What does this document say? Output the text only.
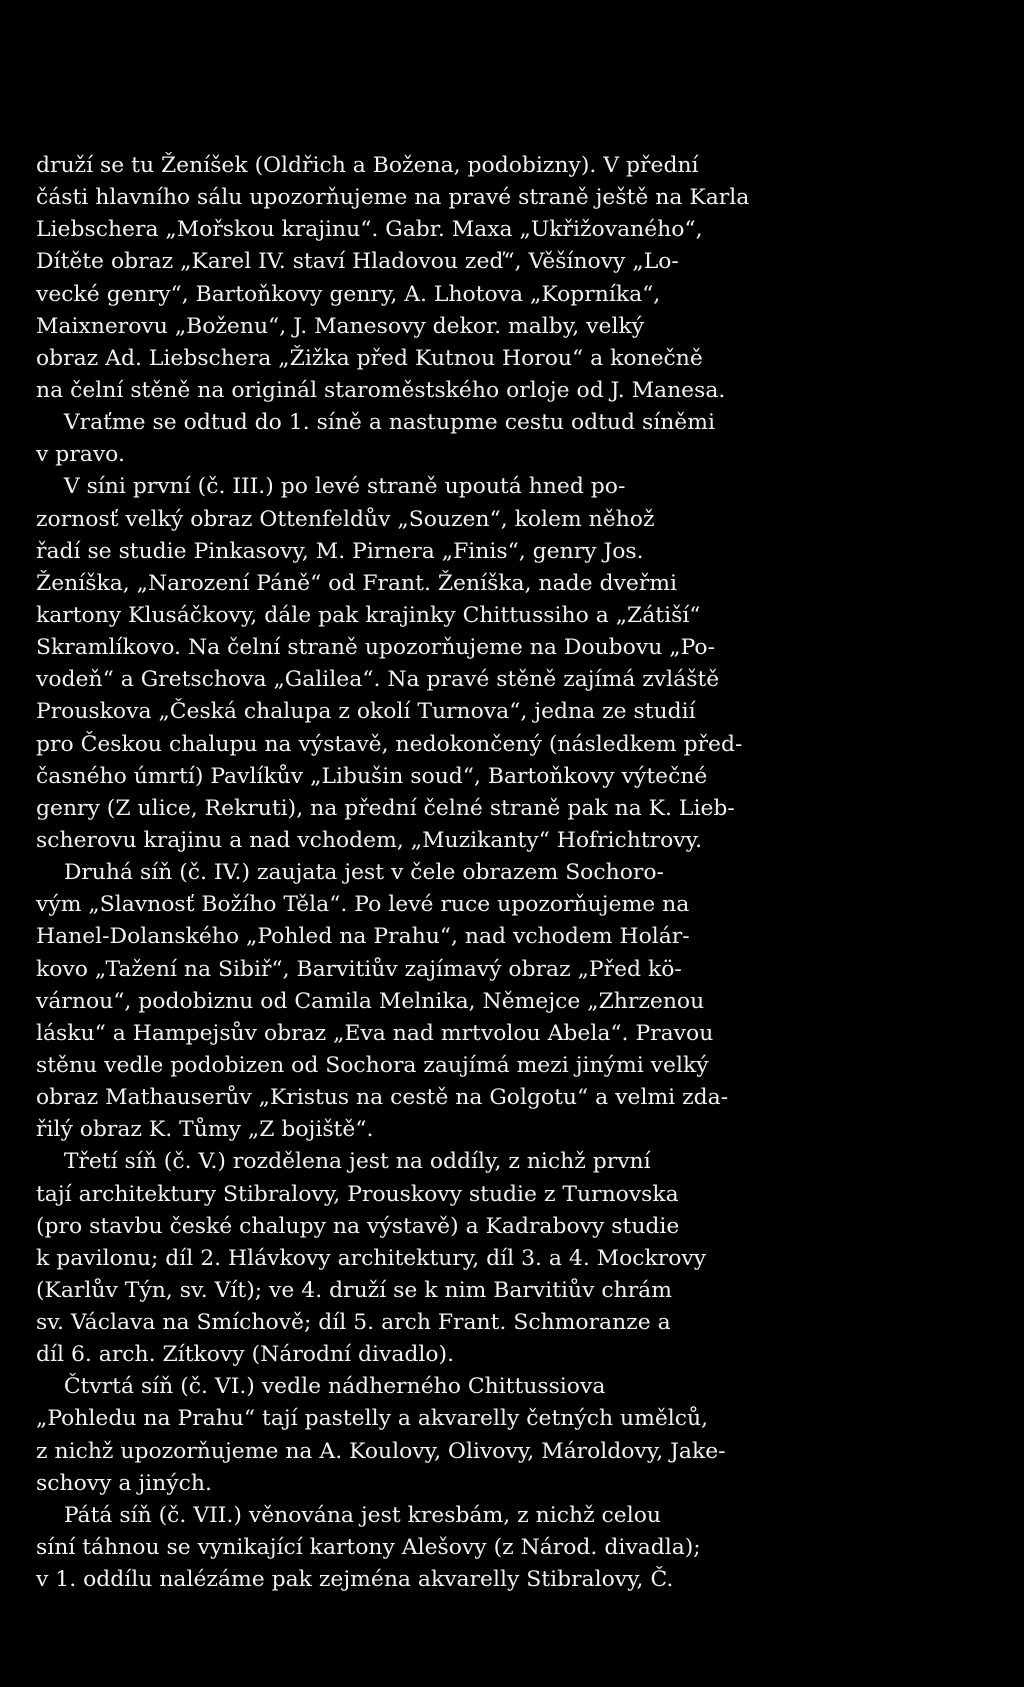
druží se tu Ženíšek (Oldřich a Božena, podobizny). V přední
části hlavního sálu upozorňujeme na pravé straně ještě na Karla
Liebschera „Mořskou krajinu“. Gabr. Maxa „Ukřižovaného“,
Dítěte obraz „Karel IV. staví Hladovou zeď“, Věšínovy „Lo-
vecké genry“, Bartoňkovy genry, A. Lhotova „Koprníka“,
Maixnerovu „Boženu“, J. Manesovy dekor. malby, velký
obraz Ad. Liebschera „Žižka před Kutnou Horou“ a konečně
na čelní stěně na originál staroměstského orloje od J. Manesa.
Vraťme se odtud do 1. síně a nastupme cestu odtud síněmi
v pravo.
V síni první (č. III.) po levé straně upoutá hned po-
zornosť velký obraz Ottenfeldův „Souzen“, kolem něhož
řadí se studie Pinkasovy, M. Pirnera „Finis“, genry Jos.
Ženíška, „Narození Páně“ od Frant. Ženíška, nade dveřmi
kartony Klusáčkovy, dále pak krajinky Chittussiho a „Zátiší“
Skramlíkovo. Na čelní straně upozorňujeme na Doubovu „Po-
vodeň“ a Gretschova „Galilea“. Na pravé stěně zajímá zvláště
Prouskova „Česká chalupa z okolí Turnova“, jedna ze studií
pro Českou chalupu na výstavě, nedokončený (následkem před-
časného úmrtí) Pavlíkův „Libušin soud“, Bartoňkovy výtečné
genry (Z ulice, Rekruti), na přední čelné straně pak na K. Lieb-
scherovu krajinu a nad vchodem, „Muzikanty“ Hofrichtrovy.
Druhá síň (č. IV.) zaujata jest v čele obrazem Sochoro-
vým „Slavnosť Božího Těla“. Po levé ruce upozorňujeme na
Hanel-Dolanského „Pohled na Prahu“, nad vchodem Holár-
kovo „Tažení na Sibiř“, Barvitiův zajímavý obraz „Před kö-
várnou“, podobiznu od Camila Melnika, Němejce „Zhrzenou
lásku“ a Hampejsův obraz „Eva nad mrtvolou Abela“. Pravou
stěnu vedle podobizen od Sochora zaujímá mezi jinými velký
obraz Mathauserův „Kristus na cestě na Golgotu“ a velmi zda-
řilý obraz K. Tůmy „Z bojiště“.
Třetí síň (č. V.) rozdělena jest na oddíly, z nichž první
tají architektury Stibralovy, Prouskovy studie z Turnovska
(pro stavbu české chalupy na výstavě) a Kadrabovy studie
k pavilonu; díl 2. Hlávkovy architektury, díl 3. a 4. Mockrovy
(Karlův Týn, sv. Vít); ve 4. druží se k nim Barvitiův chrám
sv. Václava na Smíchově; díl 5. arch Frant. Schmoranze a
díl 6. arch. Zítkovy (Národní divadlo).
Čtvrtá síň (č. VI.) vedle nádherného Chittussiova
„Pohledu na Prahu“ tají pastelly a akvarelly četných umělců,
z nichž upozorňujeme na A. Koulovy, Olivovy, Mároldovy, Jake-
schovy a jiných.
Pátá síň (č. VII.) věnována jest kresbám, z nichž celou
síní táhnou se vynikající kartony Alešovy (z Národ. divadla);
v 1. oddílu nalézáme pak zejména akvarelly Stibralovy, Č.
